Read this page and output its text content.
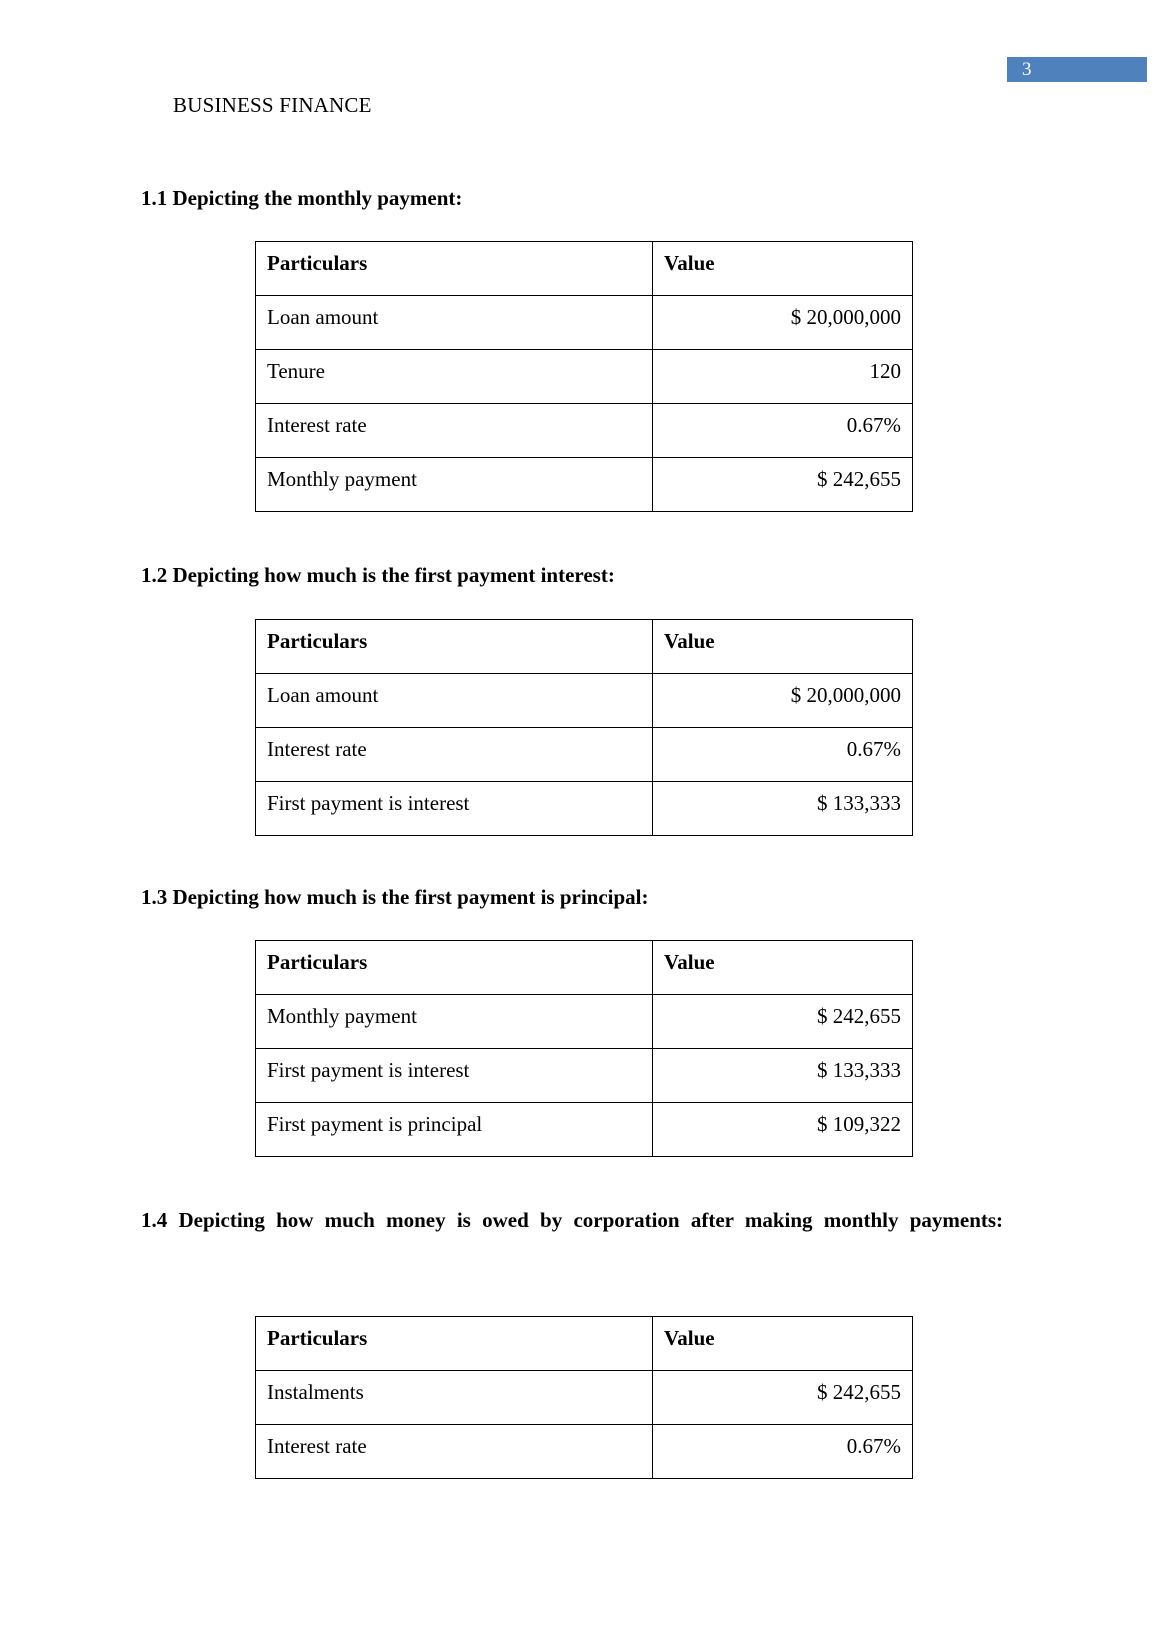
3
BUSINESS FINANCE
1.1 Depicting the monthly payment:
Particulars	Value
Loan amount	$ 20,000,000
Tenure	120
Interest rate	0.67%
Monthly payment	$ 242,655
1.2 Depicting how much is the first payment interest:
Particulars	Value
Loan amount	$ 20,000,000
Interest rate	0.67%
First payment is interest	$ 133,333
1.3 Depicting how much is the first payment is principal:
Particulars	Value
Monthly payment	$ 242,655
First payment is interest	$ 133,333
First payment is principal	$ 109,322
1.4 Depicting how much money is owed by corporation after making monthly payments:
Particulars	Value
Instalments	$ 242,655
Interest rate	0.67%
